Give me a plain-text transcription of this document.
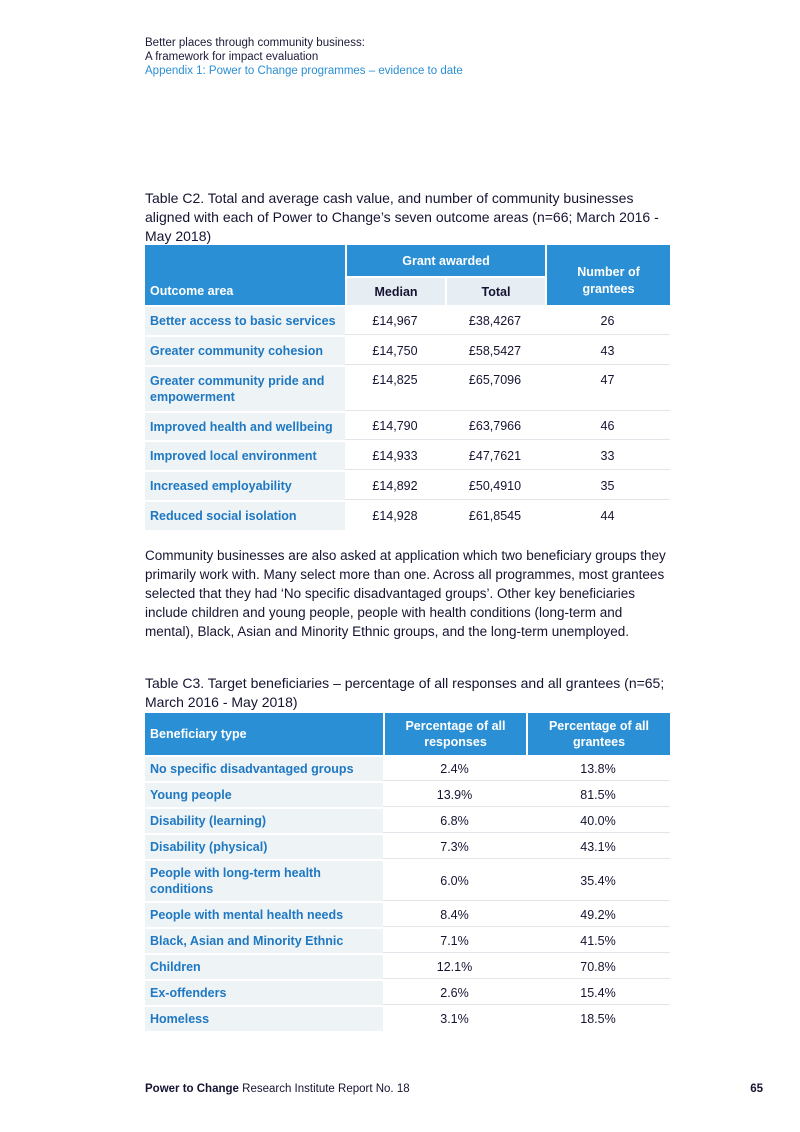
Better places through community business:
A framework for impact evaluation
Appendix 1: Power to Change programmes – evidence to date
Table C2. Total and average cash value, and number of community businesses aligned with each of Power to Change’s seven outcome areas (n=66; March 2016 - May 2018)
Outcome area	Grant awarded		Number of grantees
	Median	Total	
Better access to basic services	£14,967	£38,4267	26
Greater community cohesion	£14,750	£58,5427	43
Greater community pride and empowerment	£14,825	£65,7096	47
Improved health and wellbeing	£14,790	£63,7966	46
Improved local environment	£14,933	£47,7621	33
Increased employability	£14,892	£50,4910	35
Reduced social isolation	£14,928	£61,8545	44
Community businesses are also asked at application which two beneficiary groups they primarily work with. Many select more than one. Across all programmes, most grantees selected that they had ‘No specific disadvantaged groups’. Other key beneficiaries include children and young people, people with health conditions (long-term and mental), Black, Asian and Minority Ethnic groups, and the long-term unemployed.
Table C3. Target beneficiaries – percentage of all responses and all grantees (n=65; March 2016 - May 2018)
Beneficiary type	Percentage of all responses	Percentage of all grantees
No specific disadvantaged groups	2.4%	13.8%
Young people	13.9%	81.5%
Disability (learning)	6.8%	40.0%
Disability (physical)	7.3%	43.1%
People with long-term health conditions	6.0%	35.4%
People with mental health needs	8.4%	49.2%
Black, Asian and Minority Ethnic	7.1%	41.5%
Children	12.1%	70.8%
Ex-offenders	2.6%	15.4%
Homeless	3.1%	18.5%
Power to Change Research Institute Report No. 18	65
